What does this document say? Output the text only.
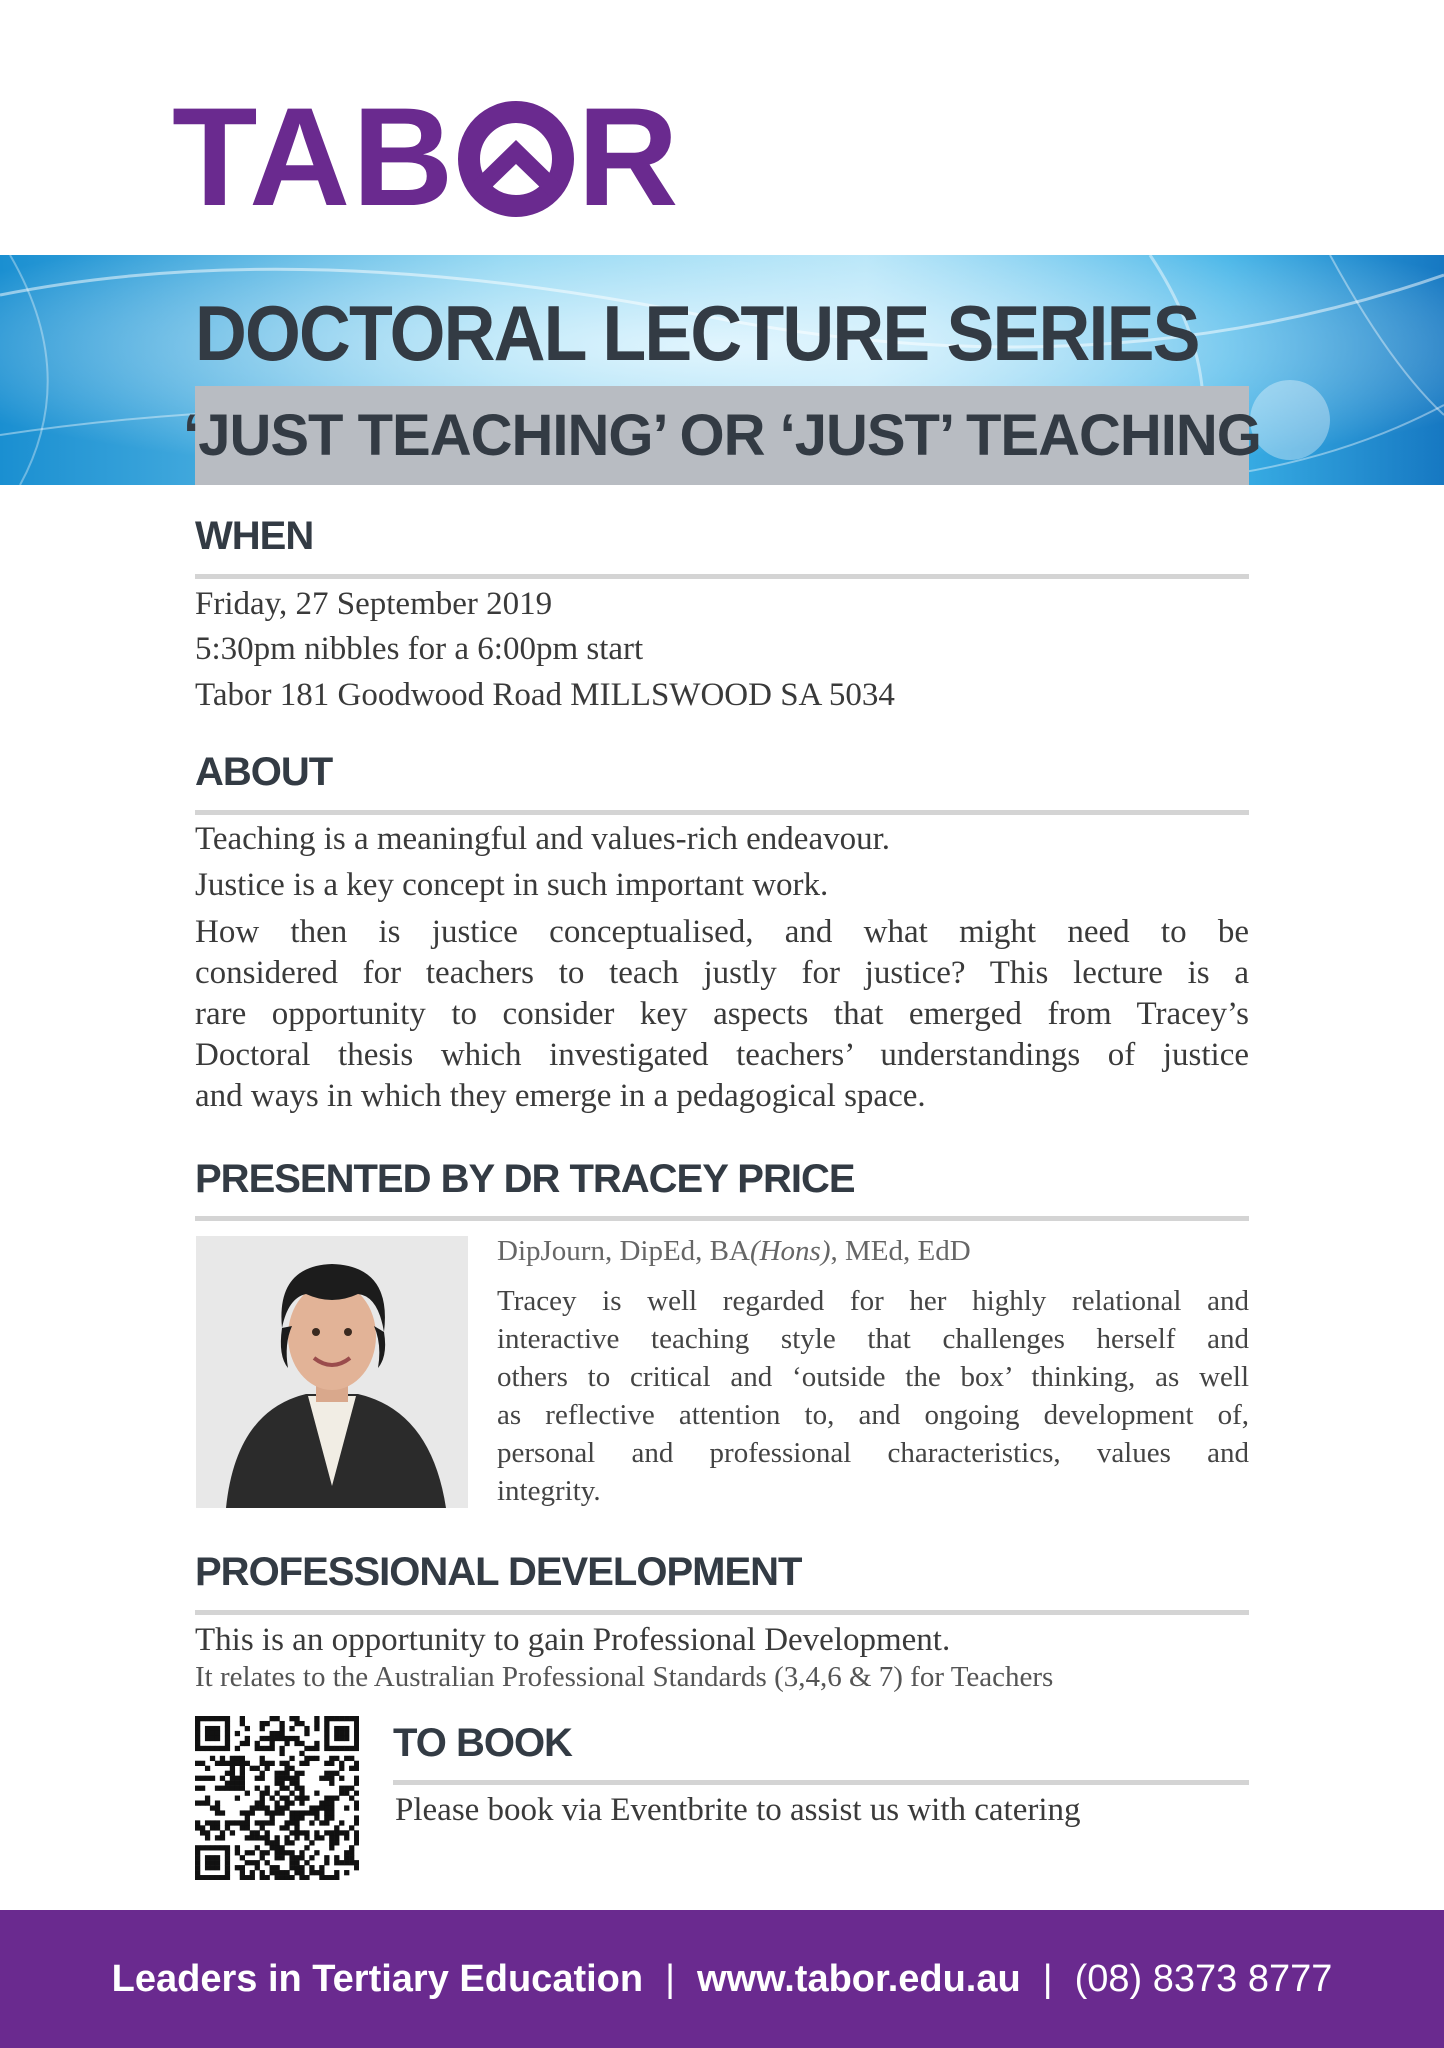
TAB R
DOCTORAL LECTURE SERIES
‘JUST TEACHING’ OR ‘JUST’ TEACHING
WHEN
Friday, 27 September 2019
5:30pm nibbles for a 6:00pm start
Tabor 181 Goodwood Road MILLSWOOD SA 5034
ABOUT
Teaching is a meaningful and values-rich endeavour.
Justice is a key concept in such important work.
How then is justice conceptualised, and what might need to be
considered for teachers to teach justly for justice? This lecture is a
rare opportunity to consider key aspects that emerged from Tracey’s
Doctoral thesis which investigated teachers’ understandings of justice
and ways in which they emerge in a pedagogical space.
PRESENTED BY DR TRACEY PRICE
DipJourn, DipEd, BA(Hons), MEd, EdD
Tracey is well regarded for her highly relational and
interactive teaching style that challenges herself and
others to critical and ‘outside the box’ thinking, as well
as reflective attention to, and ongoing development of,
personal and professional characteristics, values and
integrity.
PROFESSIONAL DEVELOPMENT
This is an opportunity to gain Professional Development.
It relates to the Australian Professional Standards (3,4,6 & 7) for Teachers
TO BOOK
Please book via Eventbrite to assist us with catering
Leaders in Tertiary Education | www.tabor.edu.au | (08) 8373 8777
